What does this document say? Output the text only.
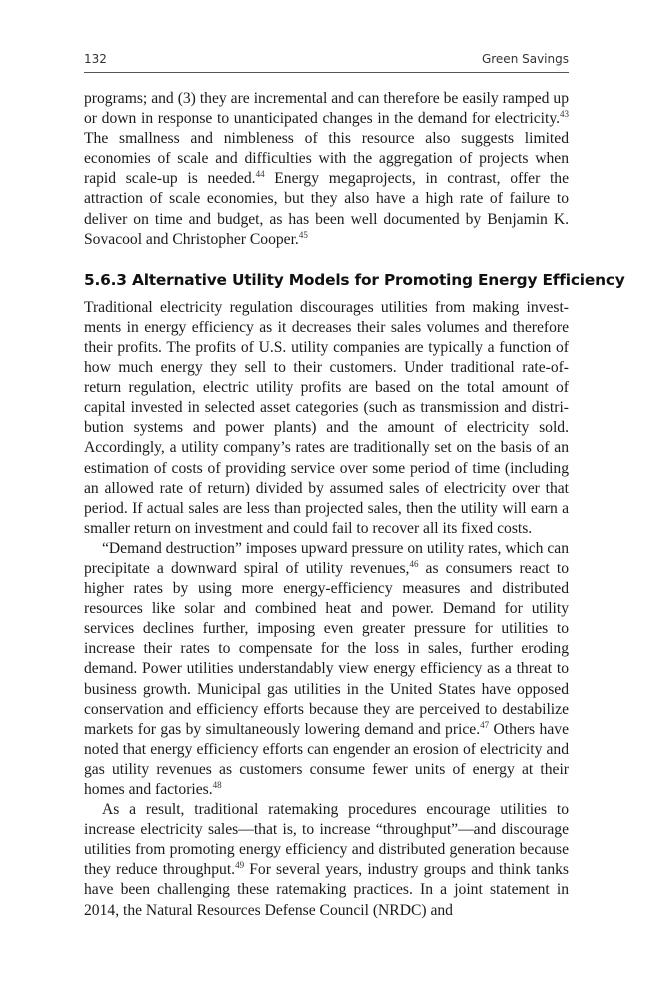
132	Green Savings

programs; and (3) they are incremental and can therefore be easily ramped up or down in response to unanticipated changes in the demand for electricity.$^{43}$ The smallness and nimbleness of this resource also suggests limited economies of scale and difficulties with the aggregation of projects when rapid scale-up is needed.$^{44}$ Energy megaprojects, in contrast, offer the attraction of scale economies, but they also have a high rate of failure to deliver on time and budget, as has been well documented by Benjamin K. Sovacool and Christopher Cooper.$^{45}$

5.6.3 Alternative Utility Models for Promoting Energy Efficiency

Traditional electricity regulation discourages utilities from making investments in energy efficiency as it decreases their sales volumes and therefore their profits. The profits of U.S. utility companies are typically a function of how much energy they sell to their customers. Under traditional rate-of-return regulation, electric utility profits are based on the total amount of capital invested in selected asset categories (such as transmission and distribution systems and power plants) and the amount of electricity sold. Accordingly, a utility company’s rates are traditionally set on the basis of an estimation of costs of providing service over some period of time (including an allowed rate of return) divided by assumed sales of electricity over that period. If actual sales are less than projected sales, then the utility will earn a smaller return on investment and could fail to recover all its fixed costs.

“Demand destruction” imposes upward pressure on utility rates, which can precipitate a downward spiral of utility revenues,$^{46}$ as consumers react to higher rates by using more energy-efficiency measures and distributed resources like solar and combined heat and power. Demand for utility services declines further, imposing even greater pressure for utilities to increase their rates to compensate for the loss in sales, further eroding demand. Power utilities understandably view energy efficiency as a threat to business growth. Municipal gas utilities in the United States have opposed conservation and efficiency efforts because they are perceived to destabilize markets for gas by simultaneously lowering demand and price.$^{47}$ Others have noted that energy efficiency efforts can engender an erosion of electricity and gas utility revenues as customers consume fewer units of energy at their homes and factories.$^{48}$

As a result, traditional ratemaking procedures encourage utilities to increase electricity sales—that is, to increase “throughput”—and discourage utilities from promoting energy efficiency and distributed generation because they reduce throughput.$^{49}$ For several years, industry groups and think tanks have been challenging these ratemaking practices. In a joint statement in 2014, the Natural Resources Defense Council (NRDC) and
